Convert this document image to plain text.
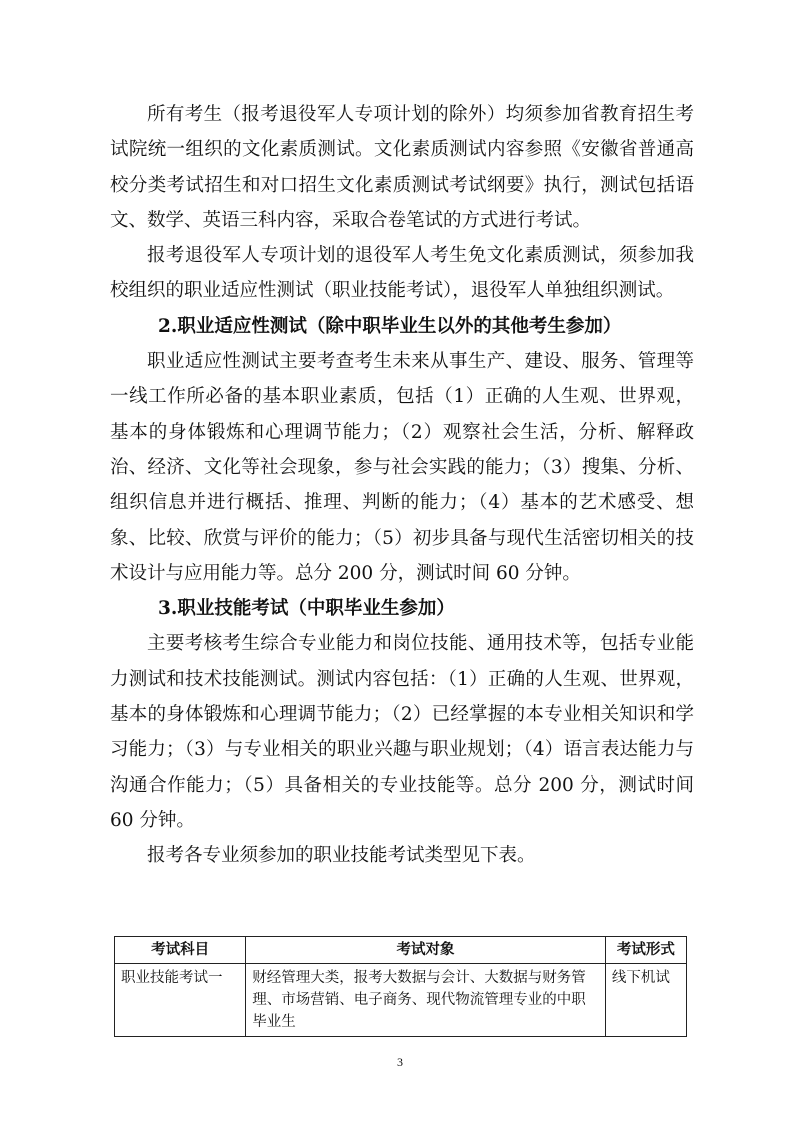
所有考生（报考退役军人专项计划的除外）均须参加省教育招生考试院统一组织的文化素质测试。文化素质测试内容参照《安徽省普通高校分类考试招生和对口招生文化素质测试考试纲要》执行，测试包括语文、数学、英语三科内容，采取合卷笔试的方式进行考试。

报考退役军人专项计划的退役军人考生免文化素质测试，须参加我校组织的职业适应性测试（职业技能考试），退役军人单独组织测试。

2.职业适应性测试（除中职毕业生以外的其他考生参加）

职业适应性测试主要考查考生未来从事生产、建设、服务、管理等一线工作所必备的基本职业素质，包括（1）正确的人生观、世界观，基本的身体锻炼和心理调节能力；（2）观察社会生活，分析、解释政治、经济、文化等社会现象，参与社会实践的能力；（3）搜集、分析、组织信息并进行概括、推理、判断的能力；（4）基本的艺术感受、想象、比较、欣赏与评价的能力；（5）初步具备与现代生活密切相关的技术设计与应用能力等。总分 200 分，测试时间 60 分钟。

3.职业技能考试（中职毕业生参加）

主要考核考生综合专业能力和岗位技能、通用技术等，包括专业能力测试和技术技能测试。测试内容包括：（1）正确的人生观、世界观，基本的身体锻炼和心理调节能力；（2）已经掌握的本专业相关知识和学习能力；（3）与专业相关的职业兴趣与职业规划；（4）语言表达能力与沟通合作能力；（5）具备相关的专业技能等。总分 200 分，测试时间 60 分钟。

报考各专业须参加的职业技能考试类型见下表。

考试科目	考试对象	考试形式
职业技能考试一	财经管理大类，报考大数据与会计、大数据与财务管理、市场营销、电子商务、现代物流管理专业的中职毕业生	线下机试
3
